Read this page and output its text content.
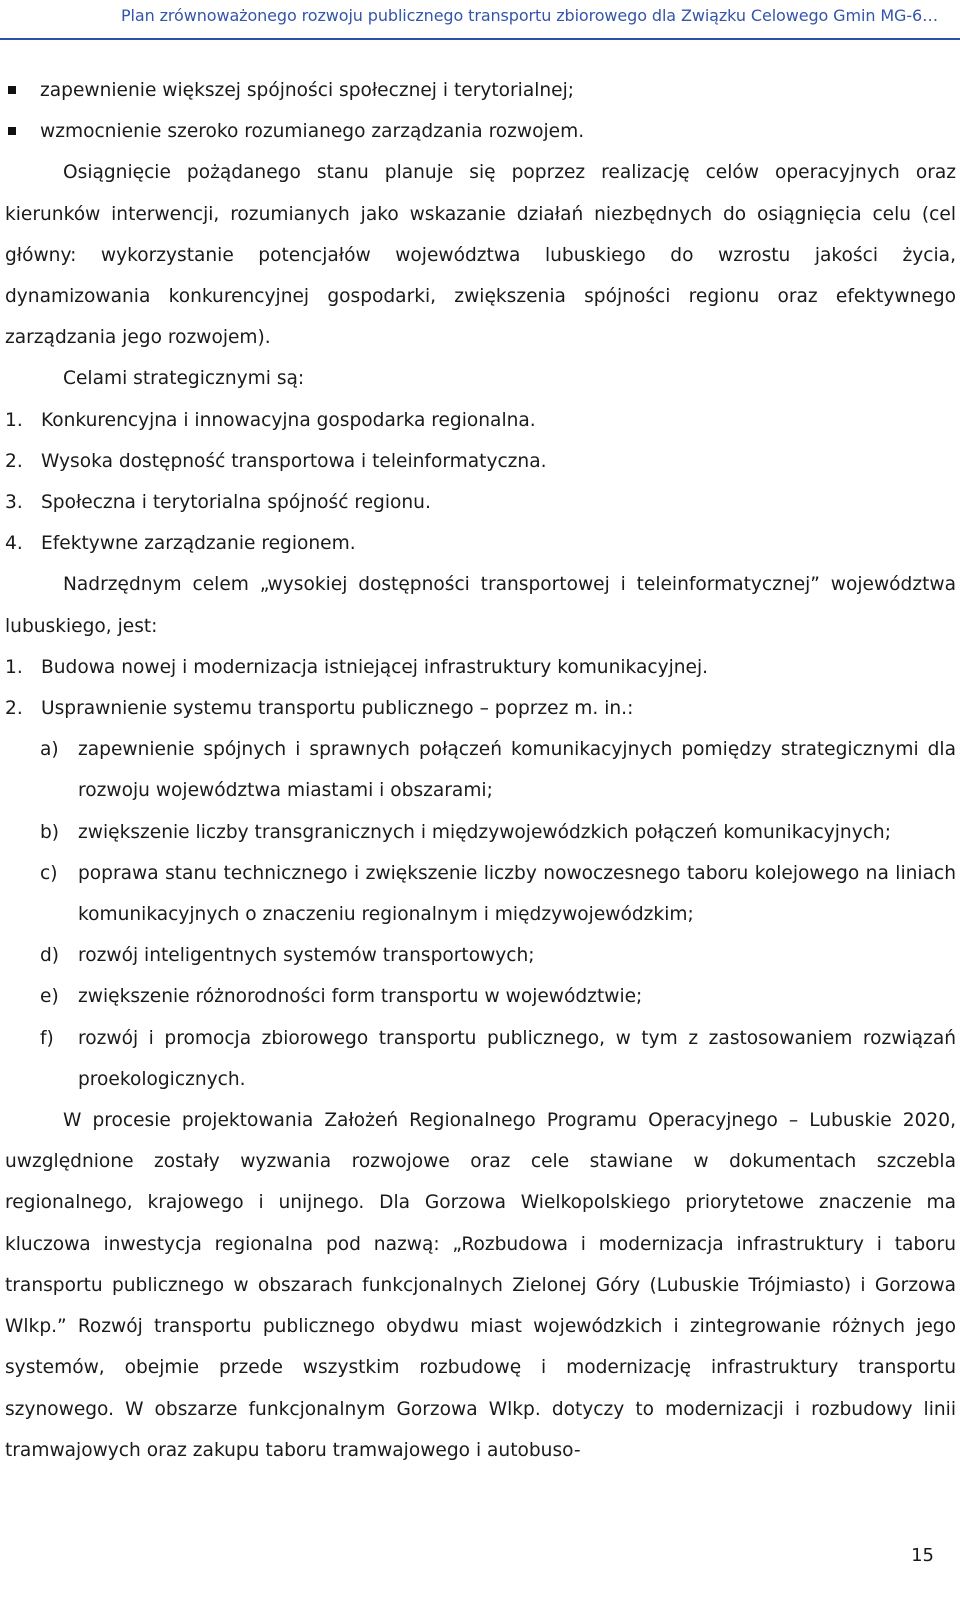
Plan zrównoważonego rozwoju publicznego transportu zbiorowego dla Związku Celowego Gmin MG-6…
zapewnienie większej spójności społecznej i terytorialnej;
wzmocnienie szeroko rozumianego zarządzania rozwojem.

Osiągnięcie pożądanego stanu planuje się poprzez realizację celów operacyjnych oraz kierunków interwencji, rozumianych jako wskazanie działań niezbędnych do osiągnięcia celu (cel główny: wykorzystanie potencjałów województwa lubuskiego do wzrostu jakości życia, dynamizowania konkurencyjnej gospodarki, zwiększenia spójności regionu oraz efektywnego zarządzania jego rozwojem).

Celami strategicznymi są:

1. Konkurencyjna i innowacyjna gospodarka regionalna.
2. Wysoka dostępność transportowa i teleinformatyczna.
3. Społeczna i terytorialna spójność regionu.
4. Efektywne zarządzanie regionem.

Nadrzędnym celem „wysokiej dostępności transportowej i teleinformatycznej” województwa lubuskiego, jest:

1. Budowa nowej i modernizacja istniejącej infrastruktury komunikacyjnej.
2. Usprawnienie systemu transportu publicznego – poprzez m. in.:
a)	zapewnienie spójnych i sprawnych połączeń komunikacyjnych pomiędzy strategicznymi dla rozwoju województwa miastami i obszarami;
b)	zwiększenie liczby transgranicznych i międzywojewódzkich połączeń komunikacyjnych;
c)	poprawa stanu technicznego i zwiększenie liczby nowoczesnego taboru kolejowego na liniach komunikacyjnych o znaczeniu regionalnym i międzywojewódzkim;
d)	rozwój inteligentnych systemów transportowych;
e)	zwiększenie różnorodności form transportu w województwie;
f)	rozwój i promocja zbiorowego transportu publicznego, w tym z zastosowaniem rozwiązań proekologicznych.

W procesie projektowania Założeń Regionalnego Programu Operacyjnego – Lubuskie 2020, uwzględnione zostały wyzwania rozwojowe oraz cele stawiane w dokumentach szczebla regionalnego, krajowego i unijnego. Dla Gorzowa Wielkopolskiego priorytetowe znaczenie ma kluczowa inwestycja regionalna pod nazwą: „Rozbudowa i modernizacja infrastruktury i taboru transportu publicznego w obszarach funkcjonalnych Zielonej Góry (Lubuskie Trójmiasto) i Gorzowa Wlkp.” Rozwój transportu publicznego obydwu miast wojewódzkich i zintegrowanie różnych jego systemów, obejmie przede wszystkim rozbudowę i modernizację infrastruktury transportu szynowego. W obszarze funkcjonalnym Gorzowa Wlkp. dotyczy to modernizacji i rozbudowy linii tramwajowych oraz zakupu taboru tramwajowego i autobuso-

15
